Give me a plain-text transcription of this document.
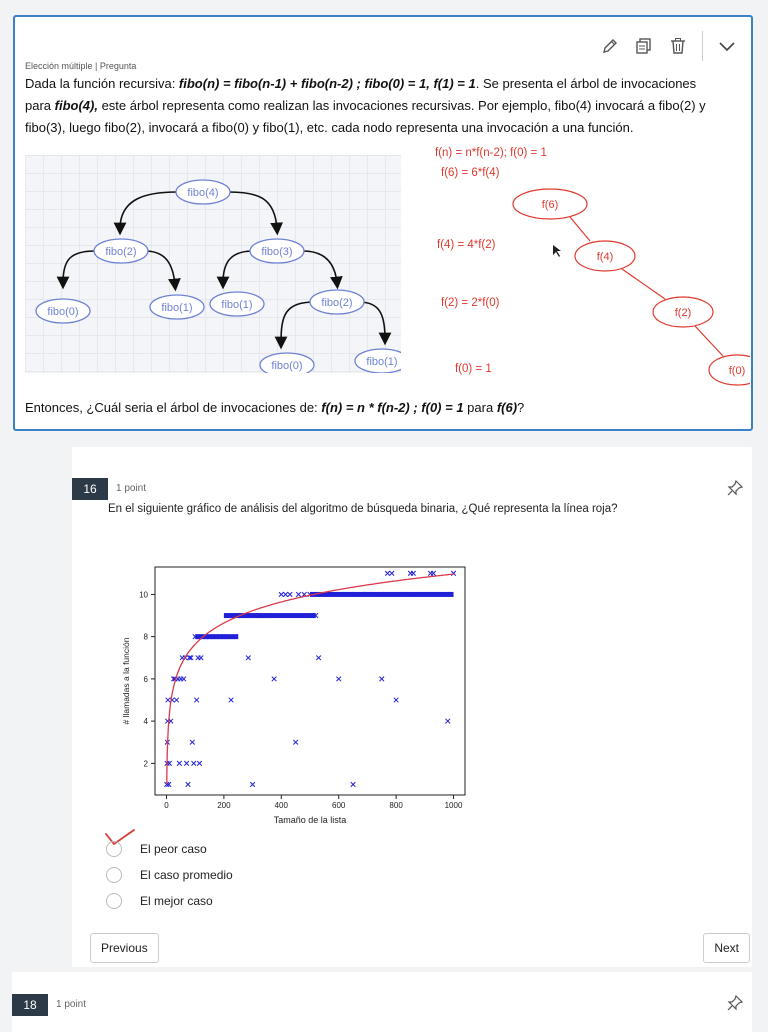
Elección múltiple | Pregunta
Dada la función recursiva: fibo(n) = fibo(n-1) + fibo(n-2) ; fibo(0) = 1, f(1) = 1. Se presenta el árbol de invocaciones
para fibo(4), este árbol representa como realizan las invocaciones recursivas. Por ejemplo, fibo(4) invocará a fibo(2) y
fibo(3), luego fibo(2), invocará a fibo(0) y fibo(1), etc. cada nodo representa una invocación a una función.
fibo(4)
fibo(2)	fibo(3)
fibo(0)	fibo(1)	fibo(1)	fibo(2)
fibo(0)	fibo(1)
f(n) = n*f(n-2); f(0) = 1
f(6) = 6*f(4)
f(4) = 4*f(2)
f(2) = 2*f(0)
f(0) = 1
f(6)
f(4)
f(2)
f(0)
Entonces, ¿Cuál seria el árbol de invocaciones de: f(n) = n * f(n-2) ; f(0) = 1 para f(6)?
16	1 point
En el siguiente gráfico de análisis del algoritmo de búsqueda binaria, ¿Qué representa la línea roja?
0	200	400	600	800	1000
2
4
6
8
10
Tamaño de la lista
# llamadas a la función
El peor caso
El caso promedio
El mejor caso
Previous	Next
18	1 point
